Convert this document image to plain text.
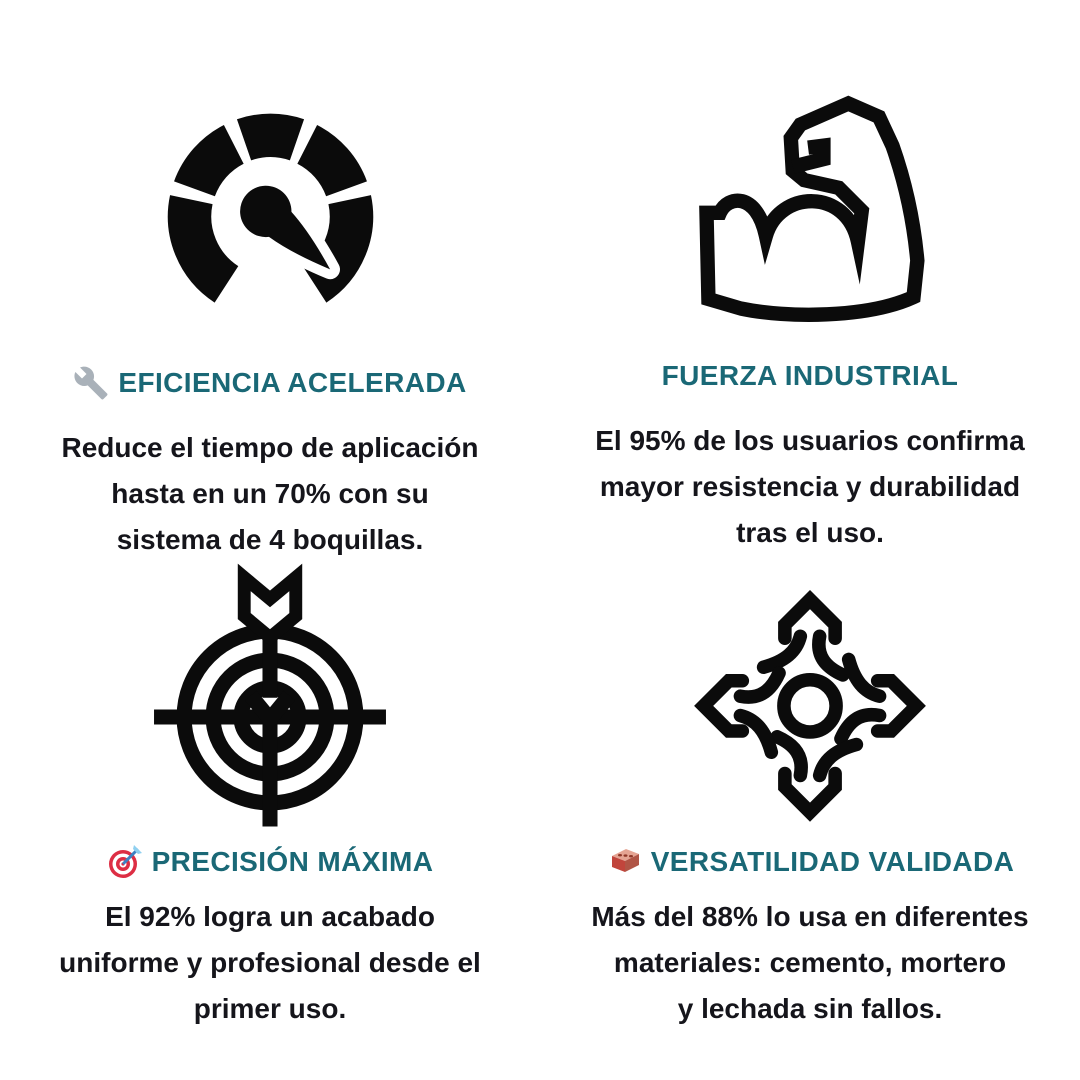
EFICIENCIA ACELERADA
Reduce el tiempo de aplicación
hasta en un 70% con su
sistema de 4 boquillas.
FUERZA INDUSTRIAL
El 95% de los usuarios confirma
mayor resistencia y durabilidad
tras el uso.
PRECISIÓN MÁXIMA
El 92% logra un acabado
uniforme y profesional desde el
primer uso.
VERSATILIDAD VALIDADA
Más del 88% lo usa en diferentes
materiales: cemento, mortero
y lechada sin fallos.
